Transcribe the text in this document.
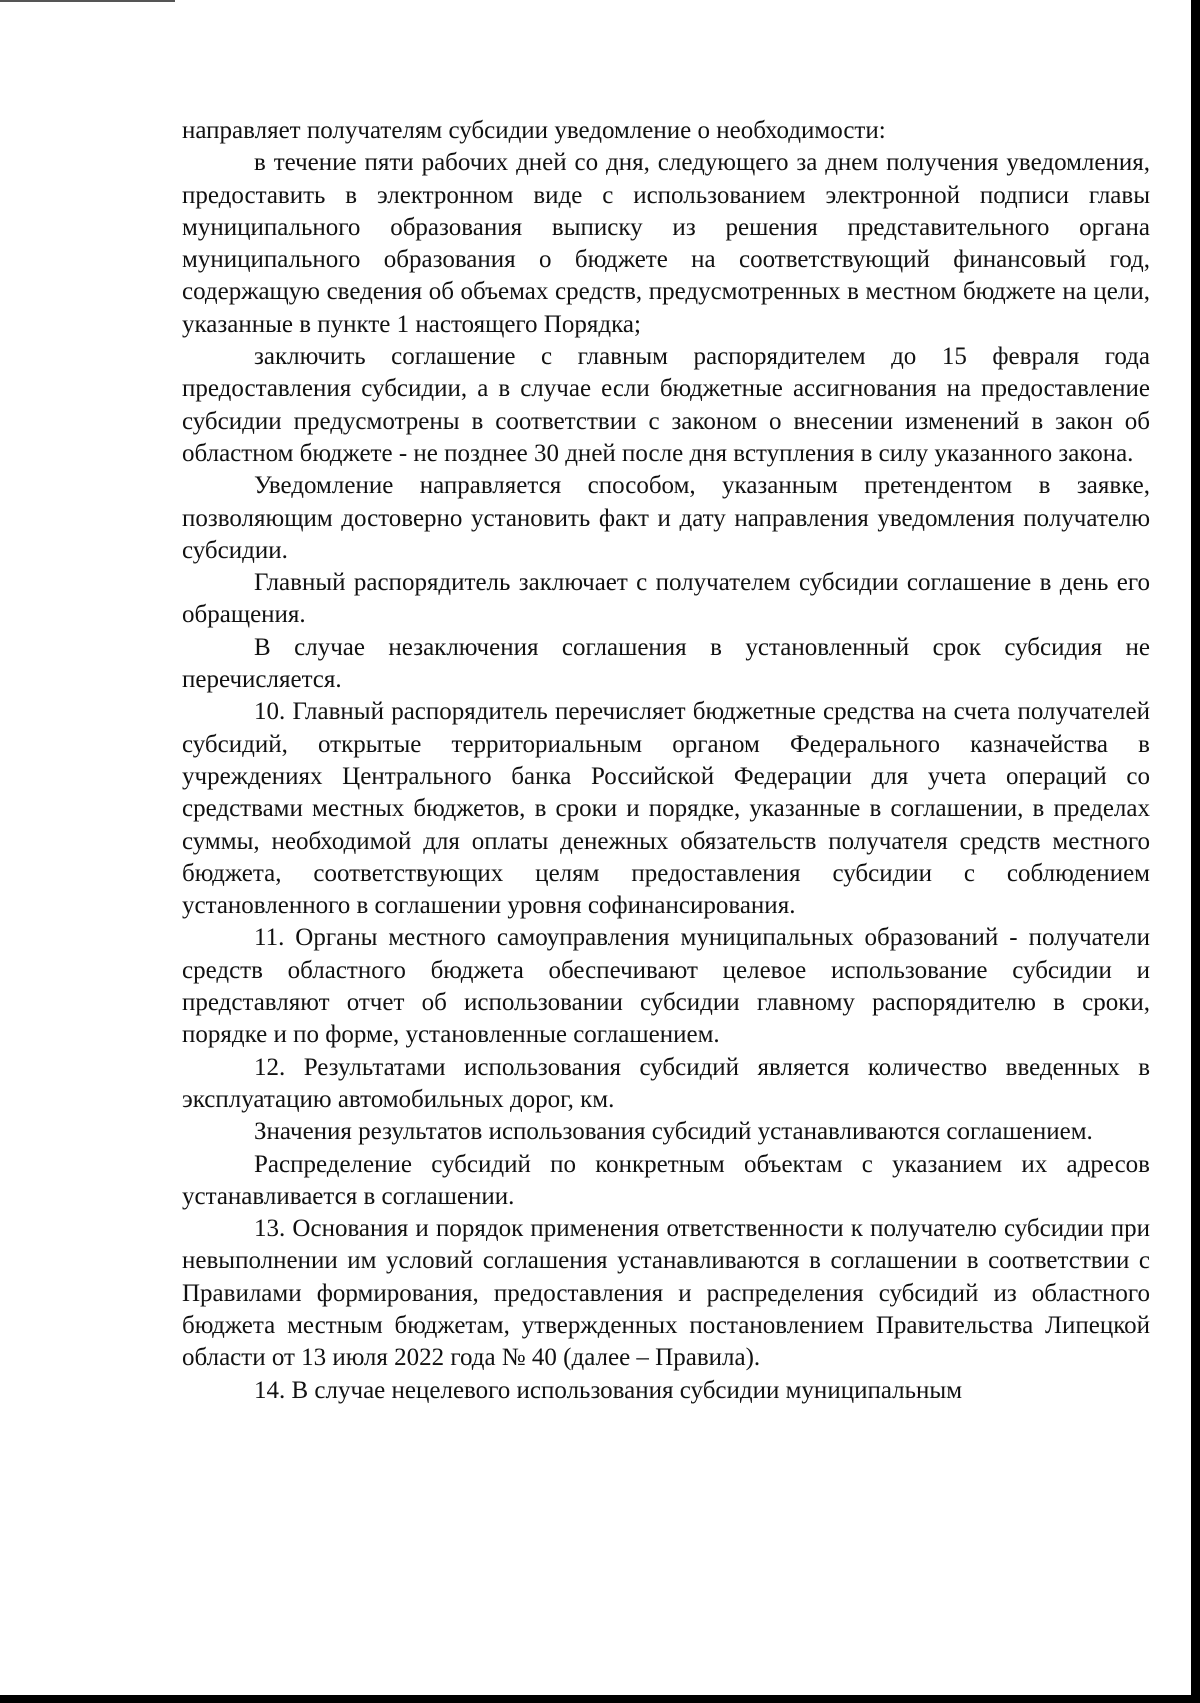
направляет получателям субсидии уведомление о необходимости:

в течение пяти рабочих дней со дня, следующего за днем получения уведомления, предоставить в электронном виде с использованием электронной подписи главы муниципального образования выписку из решения представительного органа муниципального образования о бюджете на соответствующий финансовый год, содержащую сведения об объемах средств, предусмотренных в местном бюджете на цели, указанные в пункте 1 настоящего Порядка;

заключить соглашение с главным распорядителем до 15 февраля года предоставления субсидии, а в случае если бюджетные ассигнования на предоставление субсидии предусмотрены в соответствии с законом о внесении изменений в закон об областном бюджете - не позднее 30 дней после дня вступления в силу указанного закона.

Уведомление направляется способом, указанным претендентом в заявке, позволяющим достоверно установить факт и дату направления уведомления получателю субсидии.

Главный распорядитель заключает с получателем субсидии соглашение в день его обращения.

В случае незаключения соглашения в установленный срок субсидия не перечисляется.

10. Главный распорядитель перечисляет бюджетные средства на счета получателей субсидий, открытые территориальным органом Федерального казначейства в учреждениях Центрального банка Российской Федерации для учета операций со средствами местных бюджетов, в сроки и порядке, указанные в соглашении, в пределах суммы, необходимой для оплаты денежных обязательств получателя средств местного бюджета, соответствующих целям предоставления субсидии с соблюдением установленного в соглашении уровня софинансирования.

11. Органы местного самоуправления муниципальных образований - получатели средств областного бюджета обеспечивают целевое использование субсидии и представляют отчет об использовании субсидии главному распорядителю в сроки, порядке и по форме, установленные соглашением.

12. Результатами использования субсидий является количество введенных в эксплуатацию автомобильных дорог, км.

Значения результатов использования субсидий устанавливаются соглашением.

Распределение субсидий по конкретным объектам с указанием их адресов устанавливается в соглашении.

13. Основания и порядок применения ответственности к получателю субсидии при невыполнении им условий соглашения устанавливаются в соглашении в соответствии с Правилами формирования, предоставления и распределения субсидий из областного бюджета местным бюджетам, утвержденных постановлением Правительства Липецкой области от 13 июля 2022 года № 40 (далее – Правила).

14. В случае нецелевого использования субсидии муниципальным
